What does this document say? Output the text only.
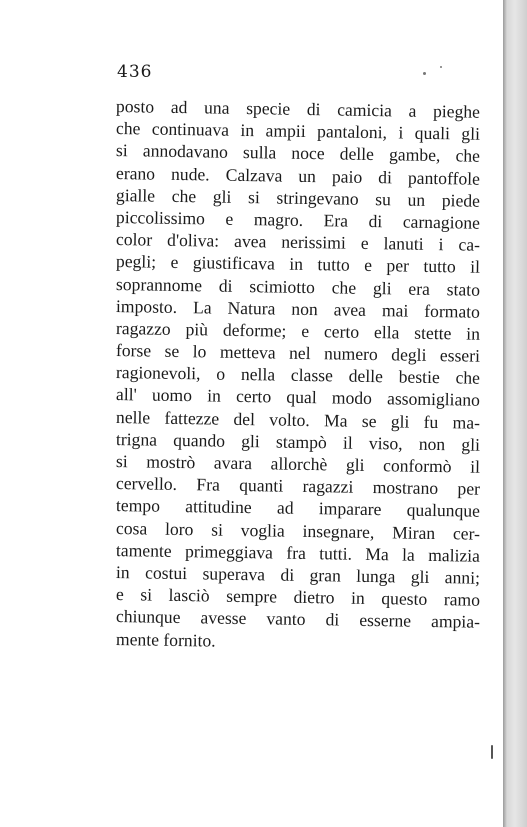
436
posto ad una specie di camicia a pieghe
che continuava in ampii pantaloni, i quali gli
si annodavano sulla noce delle gambe, che
erano nude. Calzava un paio di pantoffole
gialle che gli si stringevano su un piede
piccolissimo e magro. Era di carnagione
color d'oliva: avea nerissimi e lanuti i ca-
pegli; e giustificava in tutto e per tutto il
soprannome di scimiotto che gli era stato
imposto. La Natura non avea mai formato
ragazzo più deforme; e certo ella stette in
forse se lo metteva nel numero degli esseri
ragionevoli, o nella classe delle bestie che
all' uomo in certo qual modo assomigliano
nelle fattezze del volto. Ma se gli fu ma-
trigna quando gli stampò il viso, non gli
si mostrò avara allorchè gli conformò il
cervello. Fra quanti ragazzi mostrano per
tempo attitudine ad imparare qualunque
cosa loro si voglia insegnare, Miran cer-
tamente primeggiava fra tutti. Ma la malizia
in costui superava di gran lunga gli anni;
e si lasciò sempre dietro in questo ramo
chiunque avesse vanto di esserne ampia-
mente fornito.
